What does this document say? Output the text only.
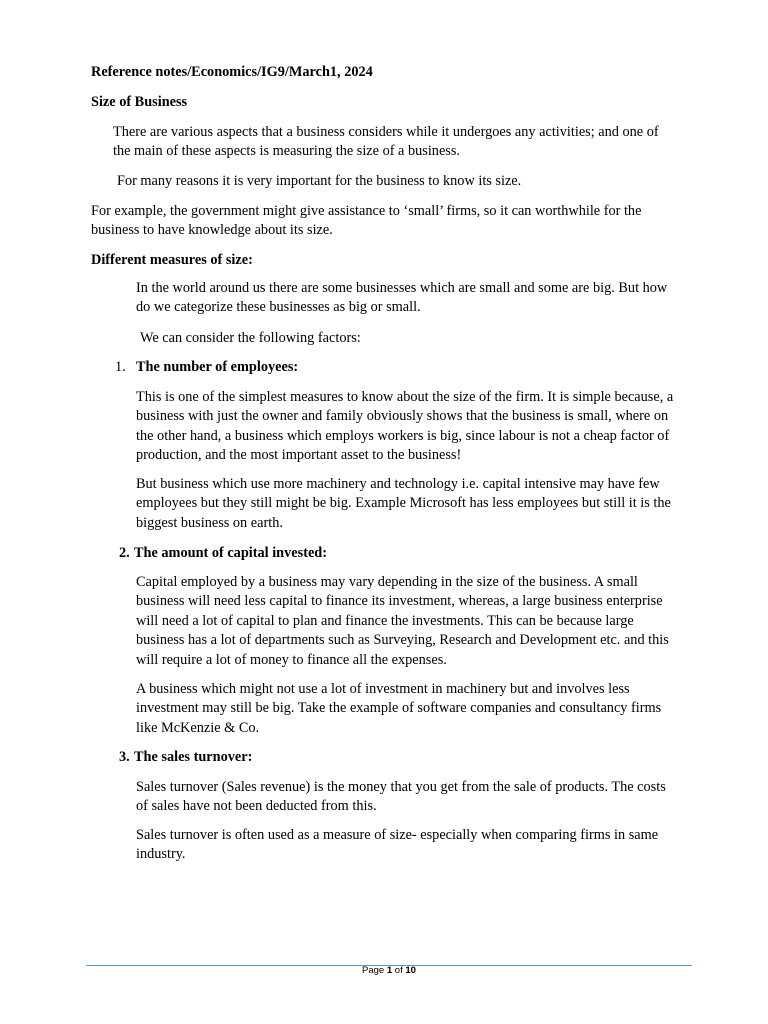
Reference notes/Economics/IG9/March1, 2024

Size of Business

There are various aspects that a business considers while it undergoes any activities; and one of the main of these aspects is measuring the size of a business.

For many reasons it is very important for the business to know its size.

For example, the government might give assistance to ‘small’ firms, so it can worthwhile for the business to have knowledge about its size.

Different measures of size:

In the world around us there are some businesses which are small and some are big. But how do we categorize these businesses as big or small.

We can consider the following factors:

1. The number of employees:

This is one of the simplest measures to know about the size of the firm. It is simple because, a business with just the owner and family obviously shows that the business is small, where on the other hand, a business which employs workers is big, since labour is not a cheap factor of production, and the most important asset to the business!

But business which use more machinery and technology i.e. capital intensive may have few employees but they still might be big. Example Microsoft has less employees but still it is the biggest business on earth.

2. The amount of capital invested:

Capital employed by a business may vary depending in the size of the business. A small business will need less capital to finance its investment, whereas, a large business enterprise will need a lot of capital to plan and finance the investments. This can be because large business has a lot of departments such as Surveying, Research and Development etc. and this will require a lot of money to finance all the expenses.

A business which might not use a lot of investment in machinery but and involves less investment may still be big. Take the example of software companies and consultancy firms like McKenzie & Co.

3. The sales turnover:

Sales turnover (Sales revenue) is the money that you get from the sale of products. The costs of sales have not been deducted from this.

Sales turnover is often used as a measure of size- especially when comparing firms in same industry.

Page 1 of 10
